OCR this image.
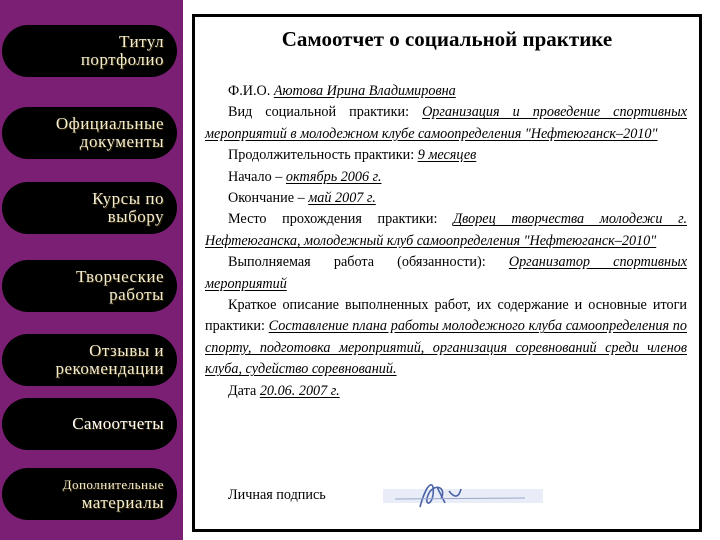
Титул
портфолио
Официальные
документы
Курсы по
выбору
Творческие
работы
Отзывы и
рекомендации
Самоотчеты
Дополнительные
материалы
Самоотчет о социальной практике

Ф.И.О. Аютова Ирина Владимировна

Вид социальной практики: Организация и проведение спортивных мероприятий в молодежном клубе самоопределения "Нефтеюганск–2010"

Продолжительность практики: 9 месяцев

Начало – октябрь 2006 г.

Окончание – май 2007 г.

Место прохождения практики: Дворец творчества молодежи г. Нефтеюганска, молодежный клуб самоопределения "Нефтеюганск–2010"

Выполняемая работа (обязанности): Организатор спортивных мероприятий

Краткое описание выполненных работ, их содержание и основные итоги практики: Составление плана работы молодежного клуба самоопределения по спорту, подготовка мероприятий, организация соревнований среди членов клуба, судейство соревнований.

Дата 20.06. 2007 г.

Личная подпись
